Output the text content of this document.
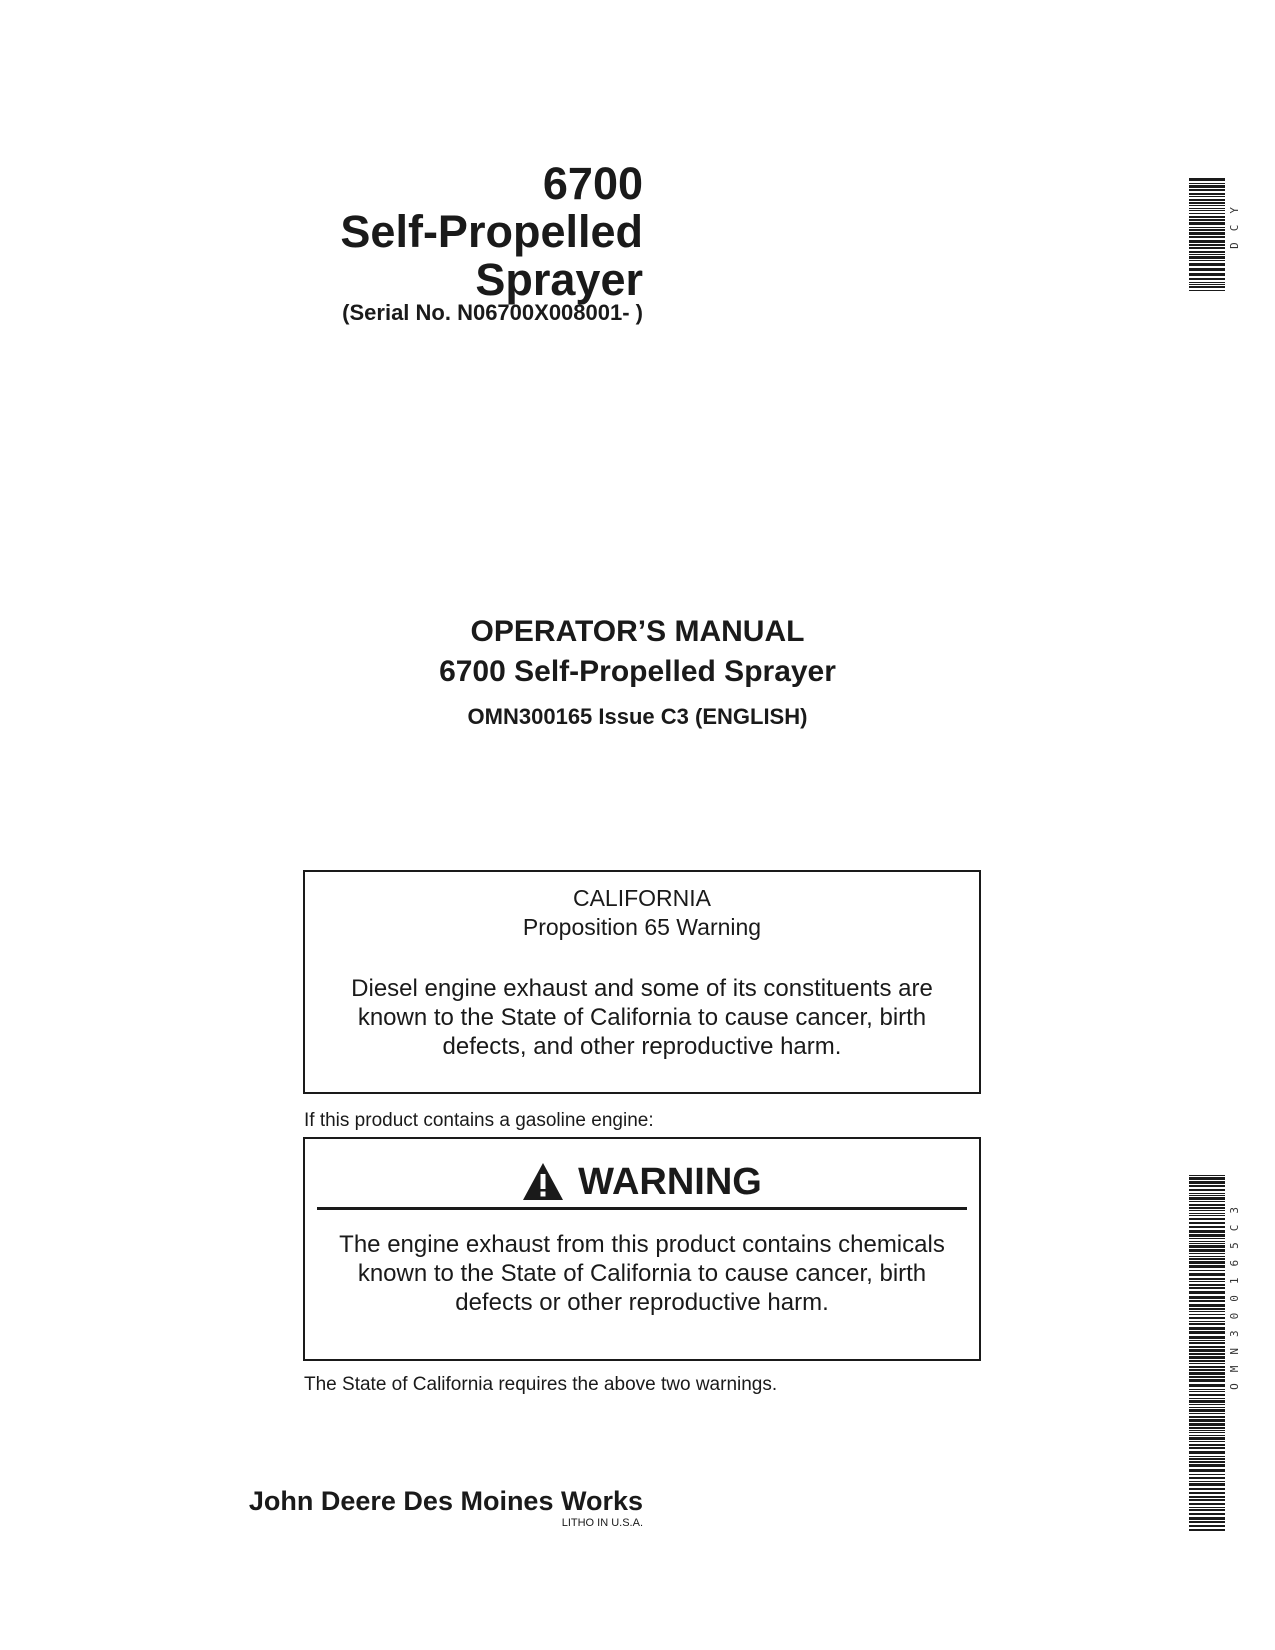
6700
Self-Propelled
Sprayer
(Serial No. N06700X008001- )
OPERATOR’S MANUAL
6700 Self-Propelled Sprayer
OMN300165 Issue C3 (ENGLISH)
CALIFORNIA
Proposition 65 Warning
Diesel engine exhaust and some of its constituents are known to the State of California to cause cancer, birth defects, and other reproductive harm.
If this product contains a gasoline engine:
WARNING
The engine exhaust from this product contains chemicals known to the State of California to cause cancer, birth defects or other reproductive harm.
The State of California requires the above two warnings.
John Deere Des Moines Works
LITHO IN U.S.A.
DCY
OMN300165C3
